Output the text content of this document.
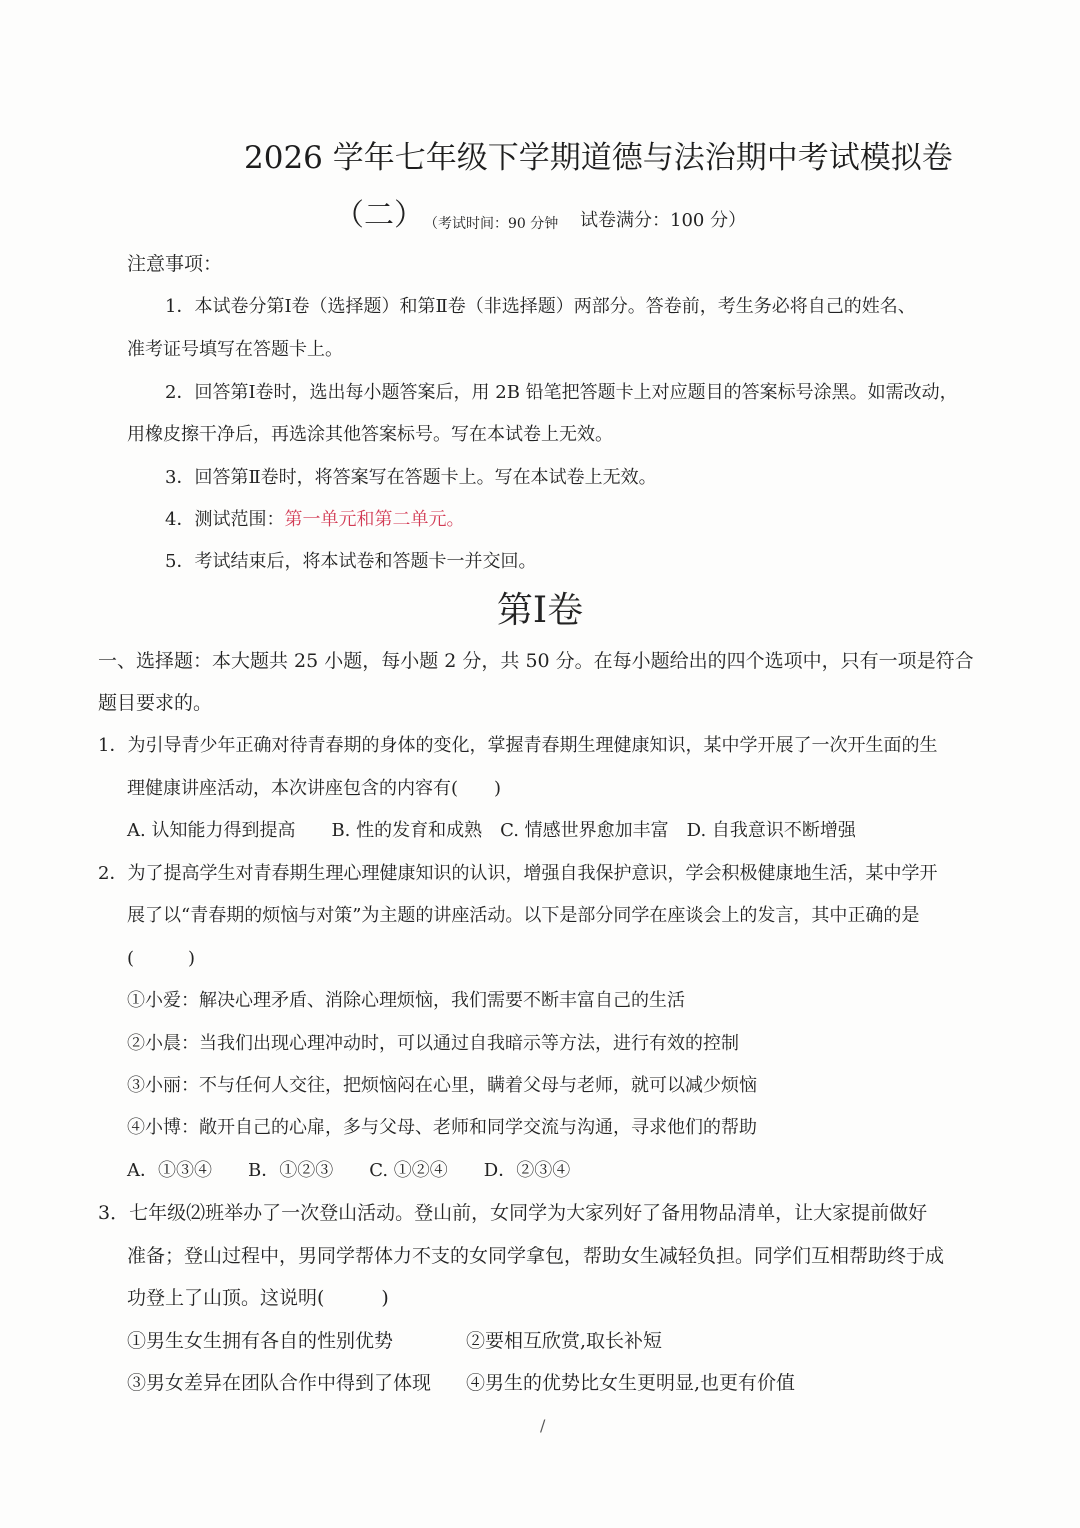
2026 学年七年级下学期道德与法治期中考试模拟卷
（二） （考试时间：90 分钟 试卷满分：100 分）
注意事项：
1．本试卷分第Ⅰ卷（选择题）和第Ⅱ卷（非选择题）两部分。答卷前，考生务必将自己的姓名、
准考证号填写在答题卡上。
2．回答第Ⅰ卷时，选出每小题答案后，用 2B 铅笔把答题卡上对应题目的答案标号涂黑。如需改动，
用橡皮擦干净后，再选涂其他答案标号。写在本试卷上无效。
3．回答第Ⅱ卷时，将答案写在答题卡上。写在本试卷上无效。
4．测试范围：第一单元和第二单元。
5．考试结束后，将本试卷和答题卡一并交回。
第Ⅰ卷
一、选择题：本大题共 25 小题，每小题 2 分，共 50 分。在每小题给出的四个选项中，只有一项是符合
题目要求的。
1．为引导青少年正确对待青春期的身体的变化，掌握青春期生理健康知识，某中学开展了一次开生面的生
理健康讲座活动，本次讲座包含的内容有(　　)
A. 认知能力得到提高　　B. 性的发育和成熟　C. 情感世界愈加丰富　D. 自我意识不断增强
2．为了提高学生对青春期生理心理健康知识的认识，增强自我保护意识，学会积极健康地生活，某中学开
展了以“青春期的烦恼与对策”为主题的讲座活动。以下是部分同学在座谈会上的发言，其中正确的是
(　　　)
①小爱：解决心理矛盾、消除心理烦恼，我们需要不断丰富自己的生活
②小晨：当我们出现心理冲动时，可以通过自我暗示等方法，进行有效的控制
③小丽：不与任何人交往，把烦恼闷在心里，瞒着父母与老师，就可以减少烦恼
④小博：敞开自己的心扉，多与父母、老师和同学交流与沟通，寻求他们的帮助
A．①③④　　B．①②③　　C. ①②④　　D．②③④
3．七年级⑵班举办了一次登山活动。登山前，女同学为大家列好了备用物品清单，让大家提前做好
准备；登山过程中，男同学帮体力不支的女同学拿包，帮助女生减轻负担。同学们互相帮助终于成
功登上了山顶。这说明(　　　)
①男生女生拥有各自的性别优势	②要相互欣赏,取长补短
③男女差异在团队合作中得到了体现 ④男生的优势比女生更明显,也更有价值
/
